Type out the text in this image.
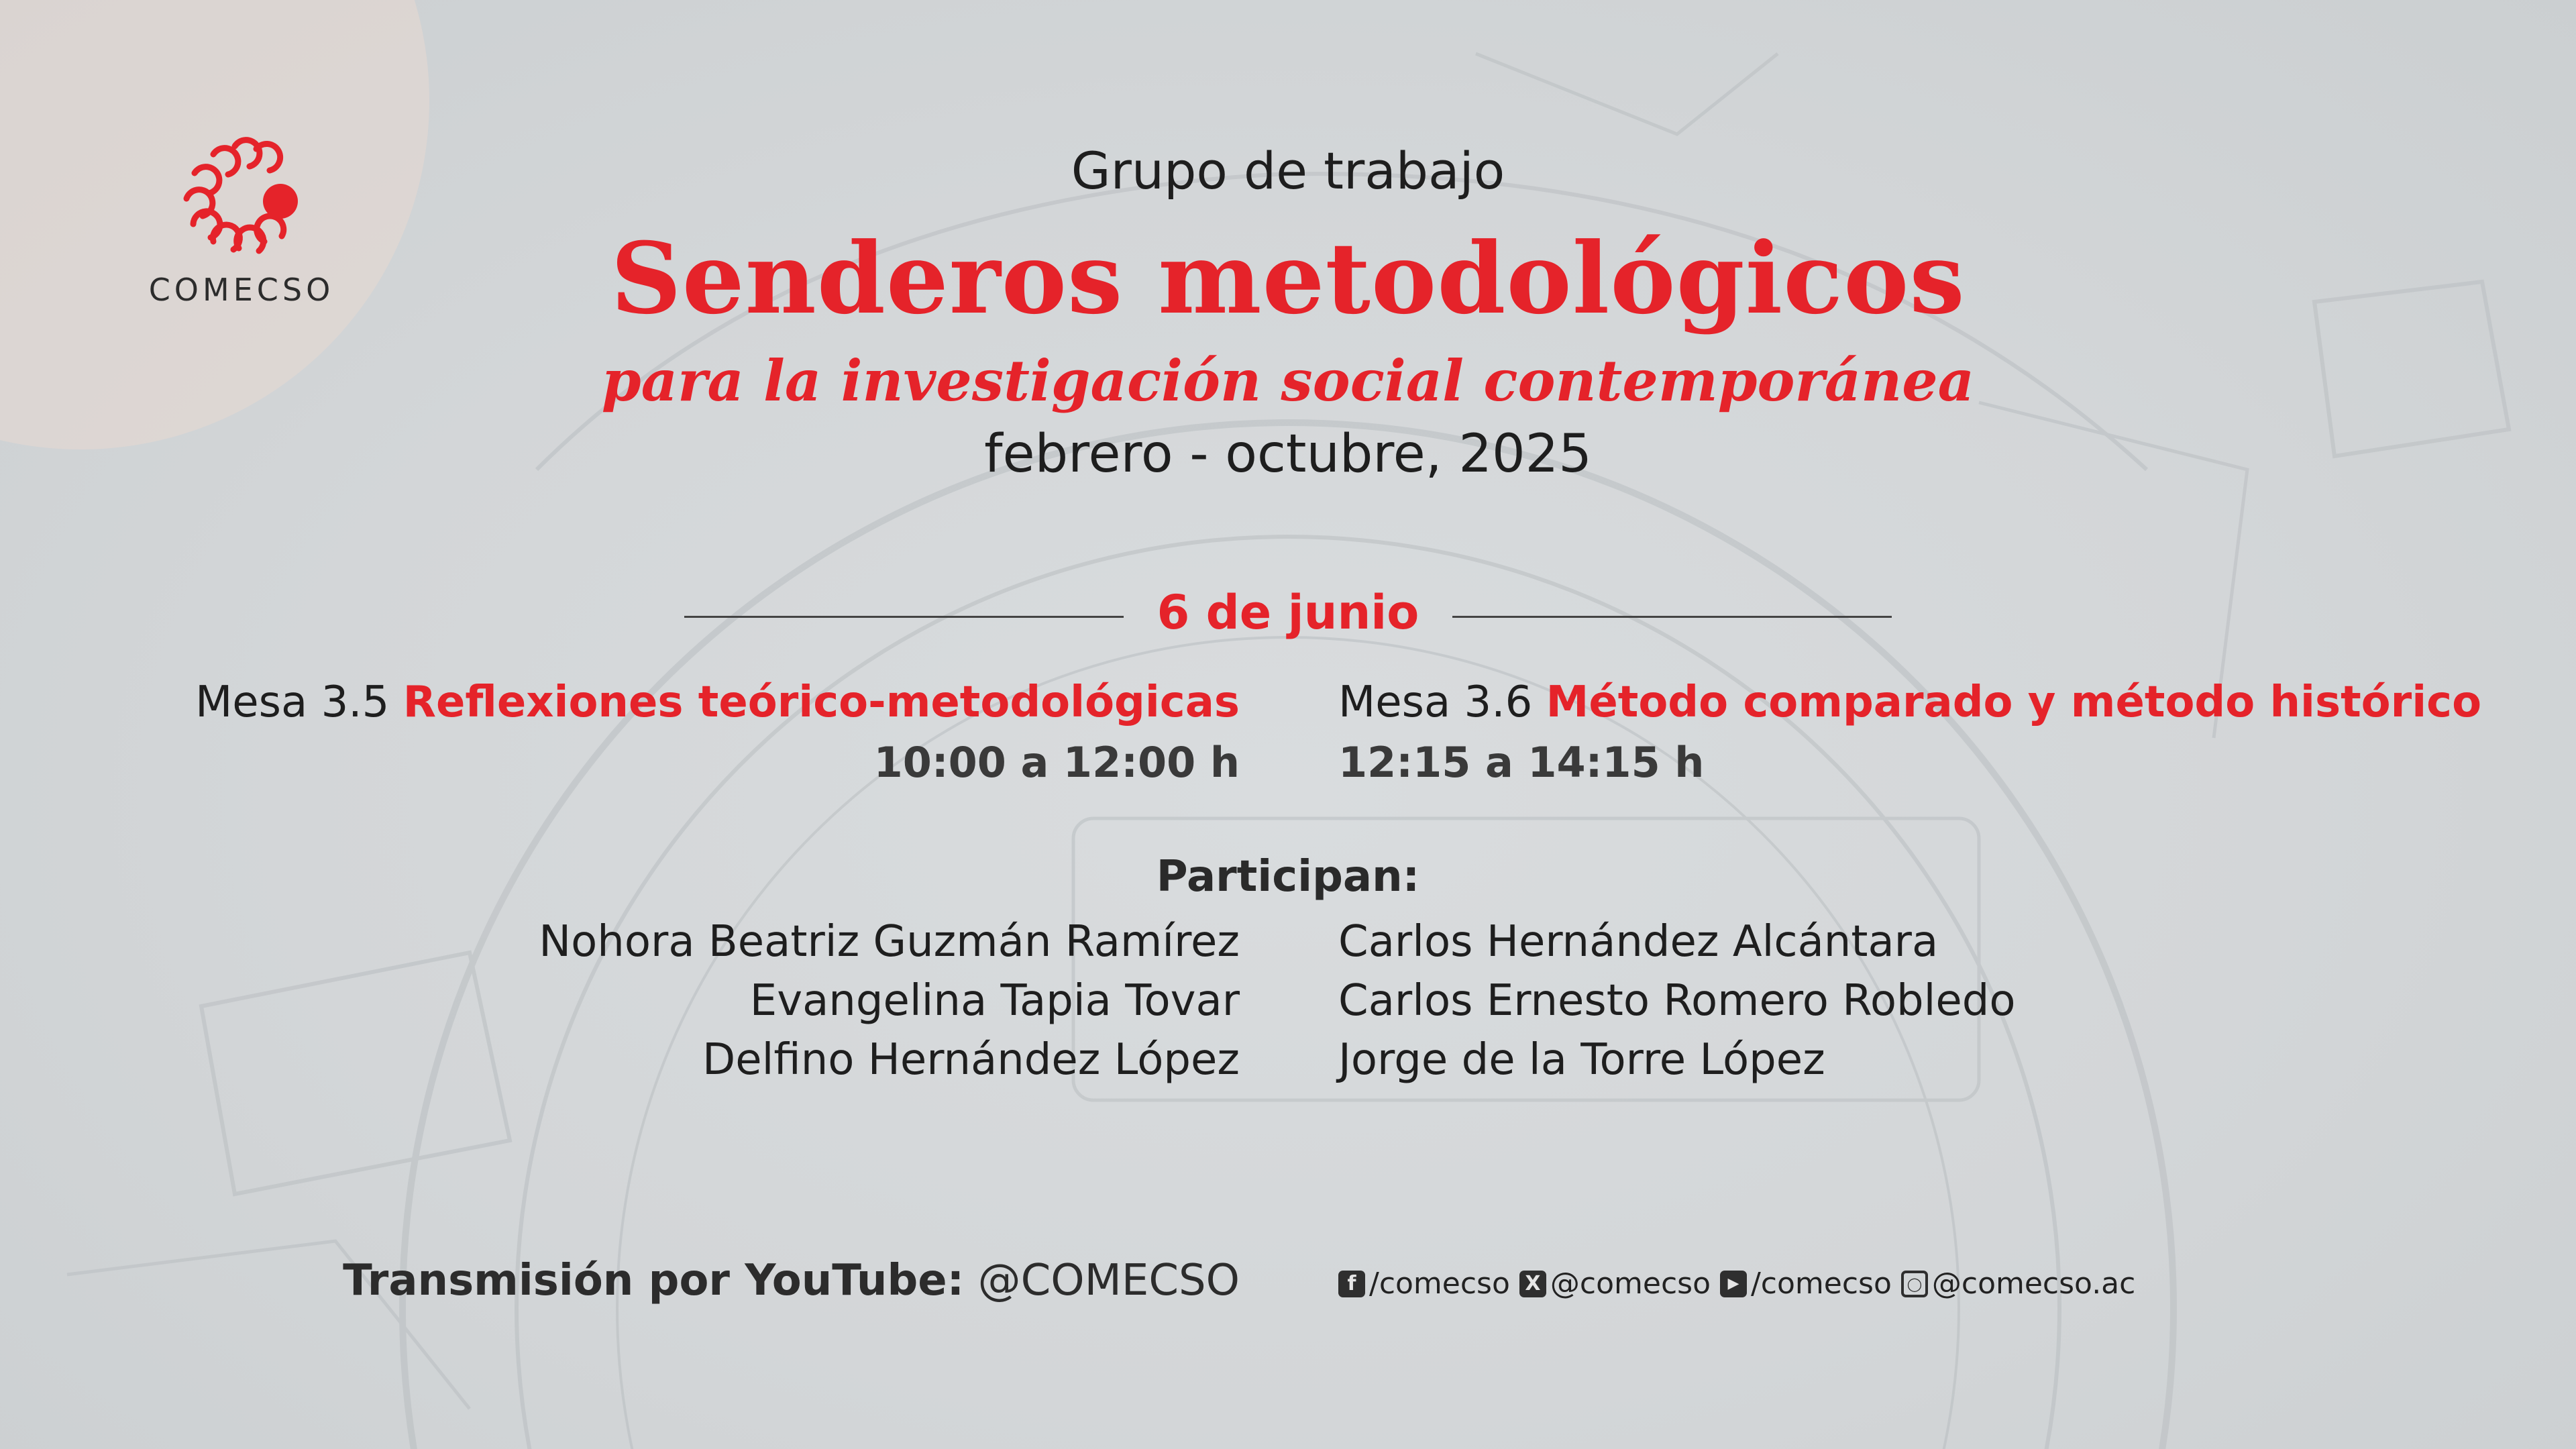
COMECSO
Grupo de trabajo
Senderos metodológicos
para la investigación social contemporánea
febrero - octubre, 2025
6 de junio
Mesa 3.5 Reflexiones teórico-metodológicas
10:00 a 12:00 h
Mesa 3.6 Método comparado y método histórico
12:15 a 14:15 h
Participan:
Nohora Beatriz Guzmán Ramírez
Evangelina Tapia Tovar
Delfino Hernández López
Carlos Hernández Alcántara
Carlos Ernesto Romero Robledo
Jorge de la Torre López
Transmisión por YouTube: @COMECSO	f /comecso X @comecso	▶ /comecso	◯ @comecso.ac
